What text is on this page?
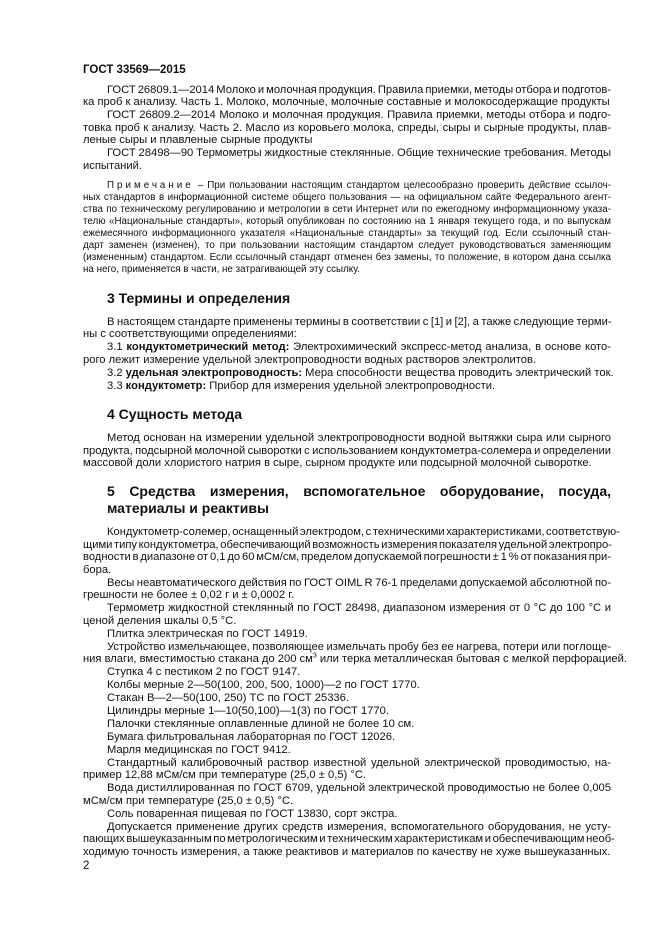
ГОСТ 33569—2015
ГОСТ 26809.1—2014 Молоко и молочная продукция. Правила приемки, методы отбора и подготов-
ка проб к анализу. Часть 1. Молоко, молочные, молочные составные и молокосодержащие продукты
ГОСТ 26809.2—2014 Молоко и молочная продукция. Правила приемки, методы отбора и подго-
товка проб к анализу. Часть 2. Масло из коровьего молока, спреды, сыры и сырные продукты, плав-
леные сыры и плавленые сырные продукты
ГОСТ 28498—90 Термометры жидкостные стеклянные. Общие технические требования. Методы
испытаний.
Примечание – При пользовании настоящим стандартом целесообразно проверить действие ссылоч-
ных стандартов в информационной системе общего пользования — на официальном сайте Федерального агент-
ства по техническому регулированию и метрологии в сети Интернет или по ежегодному информационному указа-
телю «Национальные стандарты», который опубликован по состоянию на 1 января текущего года, и по выпускам
ежемесячного информационного указателя «Национальные стандарты» за текущий год. Если ссылочный стан-
дарт заменен (изменен), то при пользовании настоящим стандартом следует руководствоваться заменяющим
(измененным) стандартом. Если ссылочный стандарт отменен без замены, то положение, в котором дана ссылка
на него, применяется в части, не затрагивающей эту ссылку.
3 Термины и определения
В настоящем стандарте применены термины в соответствии с [1] и [2], а также следующие терми-
ны с соответствующими определениями:
3.1 кондуктометрический метод: Электрохимический экспресс-метод анализа, в основе кото-
рого лежит измерение удельной электропроводности водных растворов электролитов.
3.2 удельная электропроводность: Мера способности вещества проводить электрический ток.
3.3 кондуктометр: Прибор для измерения удельной электропроводности.
4 Сущность метода
Метод основан на измерении удельной электропроводности водной вытяжки сыра или сырного
продукта, подсырной молочной сыворотки с использованием кондуктометра-солемера и определении
массовой доли хлористого натрия в сыре, сырном продукте или подсырной молочной сыворотке.
5 Средства измерения, вспомогательное оборудование, посуда,
материалы и реактивы
Кондуктометр-солемер, оснащенный электродом, с техническими характеристиками, соответствую-
щими типу кондуктометра, обеспечивающий возможность измерения показателя удельной электропро-
водности в диапазоне от 0,1 до 60 мСм/см, пределом допускаемой погрешности ± 1 % от показания при-
бора.
Весы неавтоматического действия по ГОСТ OIML R 76-1 пределами допускаемой абсолютной по-
грешности не более ± 0,02 г и ± 0,0002 г.
Термометр жидкостной стеклянный по ГОСТ 28498, диапазоном измерения от 0 °С до 100 °С и
ценой деления шкалы 0,5 °С.
Плитка электрическая по ГОСТ 14919.
Устройство измельчающее, позволяющее измельчать пробу без ее нагрева, потери или поглоще-
ния влаги, вместимостью стакана до 200 $см^3$ или терка металлическая бытовая с мелкой перфорацией.
Ступка 4 с пестиком 2 по ГОСТ 9147.
Колбы мерные 2—50(100, 200, 500, 1000)—2 по ГОСТ 1770.
Стакан В—2—50(100, 250) ТС по ГОСТ 25336.
Цилиндры мерные 1—10(50,100)—1(3) по ГОСТ 1770.
Палочки стеклянные оплавленные длиной не более 10 см.
Бумага фильтровальная лабораторная по ГОСТ 12026.
Марля медицинская по ГОСТ 9412.
Стандартный калибровочный раствор известной удельной электрической проводимостью, на-
пример 12,88 мСм/см при температуре (25,0 ± 0,5) °С.
Вода дистиллированная по ГОСТ 6709, удельной электрической проводимостью не более 0,005
мСм/см при температуре (25,0 ± 0,5) °С.
Соль поваренная пищевая по ГОСТ 13830, сорт экстра.
Допускается применение других средств измерения, вспомогательного оборудования, не усту-
пающих вышеуказанным по метрологическим и техническим характеристикам и обеспечивающим необ-
ходимую точность измерения, а также реактивов и материалов по качеству не хуже вышеуказанных.
2
